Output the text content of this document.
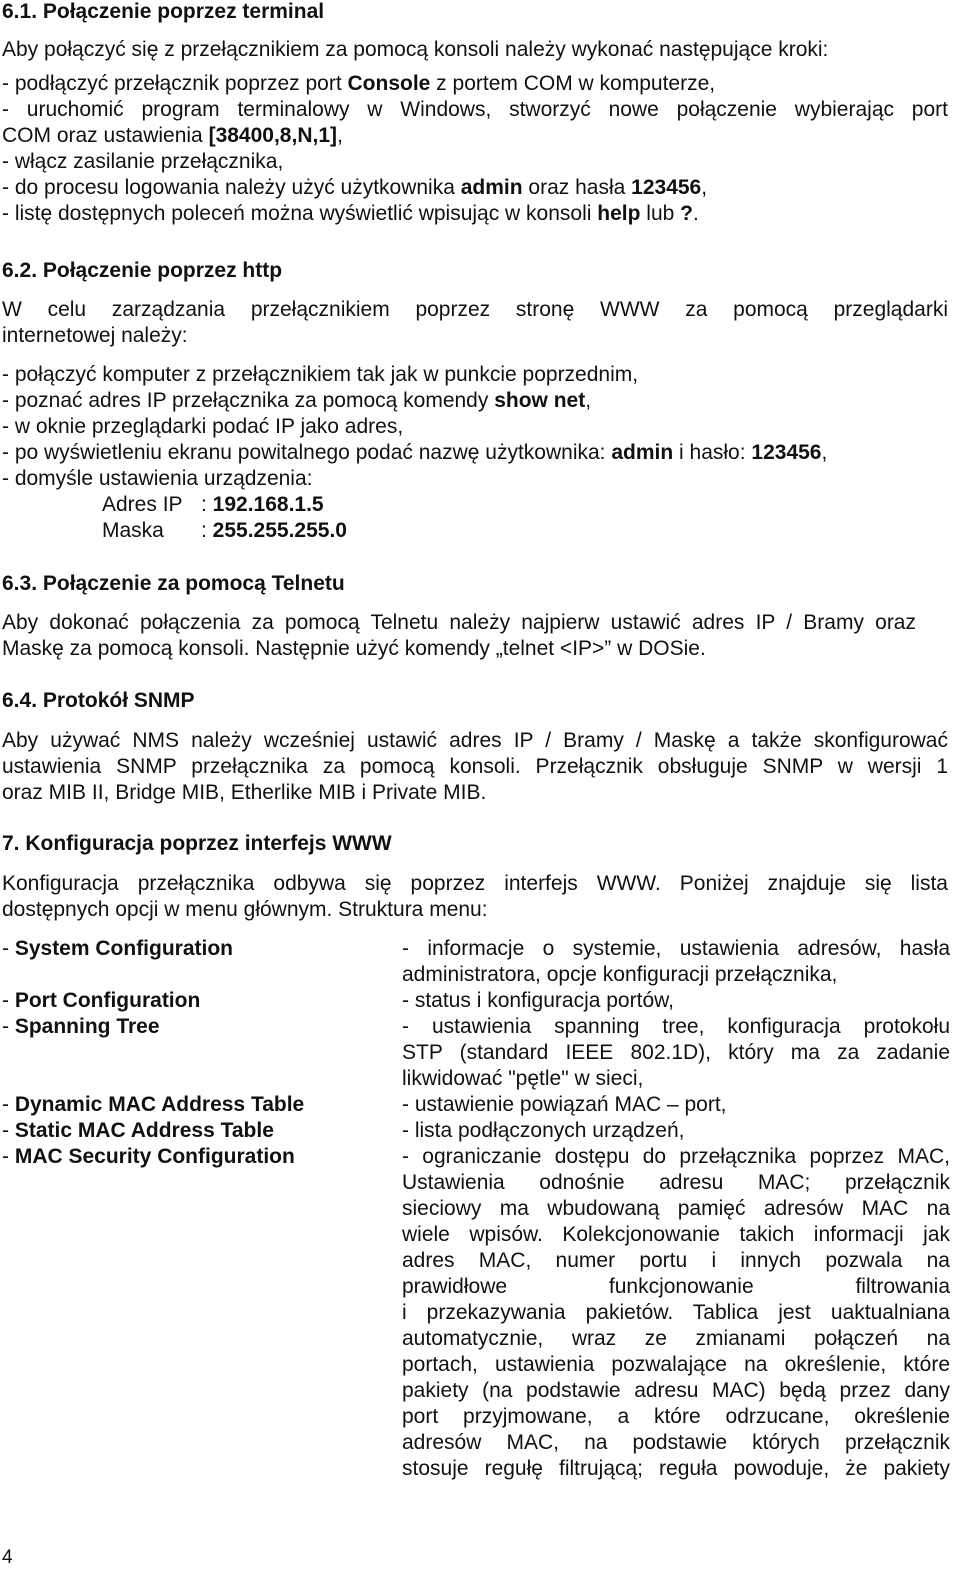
6.1. Połączenie poprzez terminal
Aby połączyć się z przełącznikiem za pomocą konsoli należy wykonać następujące kroki:
- podłączyć przełącznik poprzez port Console z portem COM w komputerze,
- uruchomić program terminalowy w Windows, stworzyć nowe połączenie wybierając port
COM oraz ustawienia [38400,8,N,1],
- włącz zasilanie przełącznika,
- do procesu logowania należy użyć użytkownika admin oraz hasła 123456,
- listę dostępnych poleceń można wyświetlić wpisując w konsoli help lub ?.
6.2. Połączenie poprzez http
W celu zarządzania przełącznikiem poprzez stronę WWW za pomocą przeglądarki
internetowej należy:
- połączyć komputer z przełącznikiem tak jak w punkcie poprzednim,
- poznać adres IP przełącznika za pomocą komendy show net,
- w oknie przeglądarki podać IP jako adres,
- po wyświetleniu ekranu powitalnego podać nazwę użytkownika: admin i hasło: 123456,
- domyśle ustawienia urządzenia:
Adres IP : 192.168.1.5
Maska : 255.255.255.0
6.3. Połączenie za pomocą Telnetu
Aby dokonać połączenia za pomocą Telnetu należy najpierw ustawić adres IP / Bramy oraz
Maskę za pomocą konsoli. Następnie użyć komendy „telnet <IP>” w DOSie.
6.4. Protokół SNMP
Aby używać NMS należy wcześniej ustawić adres IP / Bramy / Maskę a także skonfigurować
ustawienia SNMP przełącznika za pomocą konsoli. Przełącznik obsługuje SNMP w wersji 1
oraz MIB II, Bridge MIB, Etherlike MIB i Private MIB.
7. Konfiguracja poprzez interfejs WWW
Konfiguracja przełącznika odbywa się poprzez interfejs WWW. Poniżej znajduje się lista
dostępnych opcji w menu głównym. Struktura menu:
- System Configuration
- Port Configuration
- Spanning Tree
- Dynamic MAC Address Table
- Static MAC Address Table
- MAC Security Configuration
- informacje o systemie, ustawienia adresów, hasła
administratora, opcje konfiguracji przełącznika,
- status i konfiguracja portów,
- ustawienia spanning tree, konfiguracja protokołu
STP (standard IEEE 802.1D), który ma za zadanie
likwidować "pętle" w sieci,
- ustawienie powiązań MAC – port,
- lista podłączonych urządzeń,
- ograniczanie dostępu do przełącznika poprzez MAC,
Ustawienia odnośnie adresu MAC; przełącznik
sieciowy ma wbudowaną pamięć adresów MAC na
wiele wpisów. Kolekcjonowanie takich informacji jak
adres MAC, numer portu i innych pozwala na
prawidłowe funkcjonowanie filtrowania
i przekazywania pakietów. Tablica jest uaktualniana
automatycznie, wraz ze zmianami połączeń na
portach, ustawienia pozwalające na określenie, które
pakiety (na podstawie adresu MAC) będą przez dany
port przyjmowane, a które odrzucane, określenie
adresów MAC, na podstawie których przełącznik
stosuje regułę filtrującą; reguła powoduje, że pakiety
4
